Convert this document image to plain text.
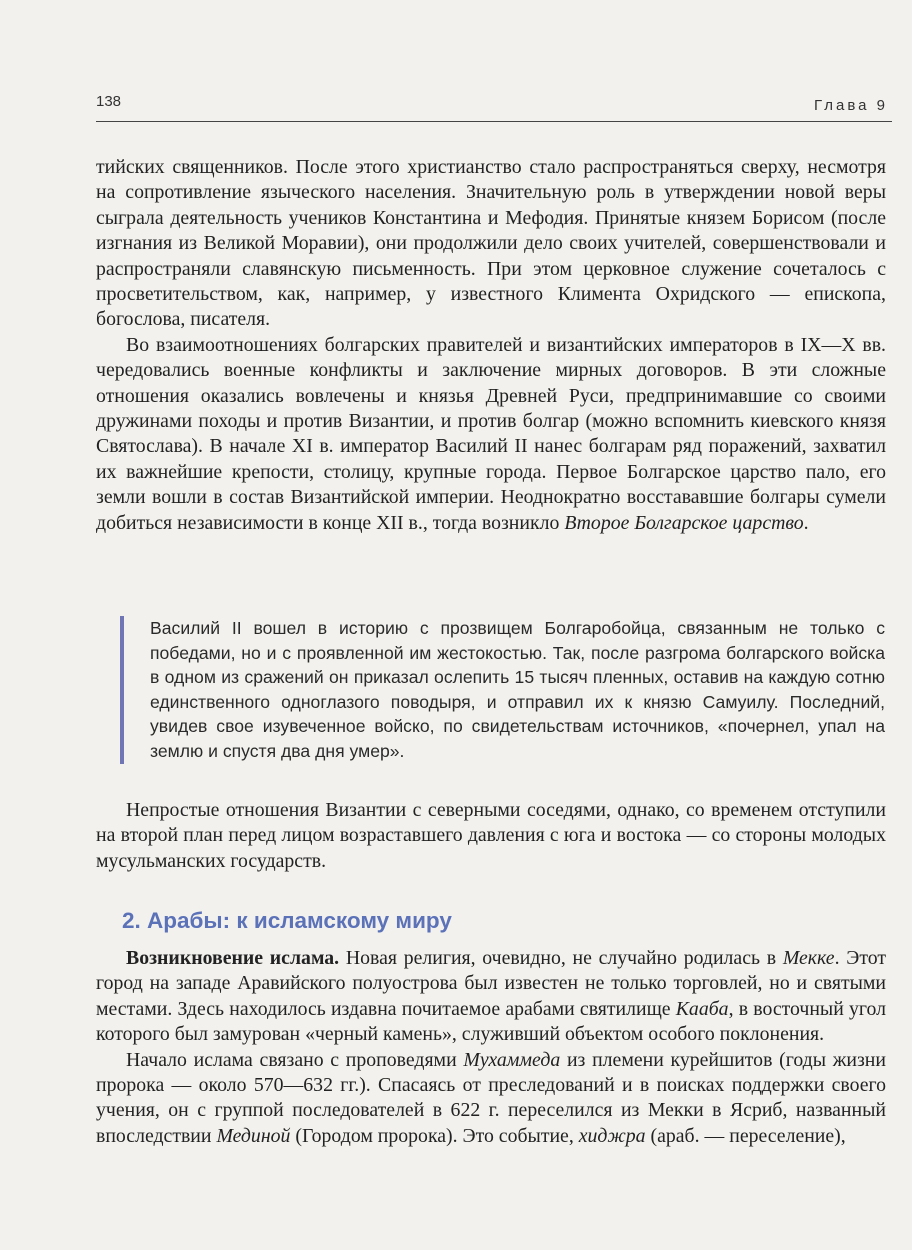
138	Глава 9

тийских священников. После этого христианство стало распространяться сверху, несмотря на сопротивление языческого населения. Значительную роль в утверждении новой веры сыграла деятельность учеников Константина и Мефодия. Принятые князем Борисом (после изгнания из Великой Моравии), они продолжили дело своих учителей, совершенствовали и распространяли славянскую письменность. При этом церковное служение сочеталось с просветительством, как, например, у известного Климента Охридского — епископа, богослова, писателя.

Во взаимоотношениях болгарских правителей и византийских императоров в IX—X вв. чередовались военные конфликты и заключение мирных договоров. В эти сложные отношения оказались вовлечены и князья Древней Руси, предпринимавшие со своими дружинами походы и против Византии, и против болгар (можно вспомнить киевского князя Святослава). В начале XI в. император Василий II нанес болгарам ряд поражений, захватил их важнейшие крепости, столицу, крупные города. Первое Болгарское царство пало, его земли вошли в состав Византийской империи. Неоднократно восстававшие болгары сумели добиться независимости в конце XII в., тогда возникло Второе Болгарское царство.

Василий II вошел в историю с прозвищем Болгаробойца, связанным не только с победами, но и с проявленной им жестокостью. Так, после разгрома болгарского войска в одном из сражений он приказал ослепить 15 тысяч пленных, оставив на каждую сотню единственного одноглазого поводыря, и отправил их к князю Самуилу. Последний, увидев свое изувеченное войско, по свидетельствам источников, «почернел, упал на землю и спустя два дня умер».

Непростые отношения Византии с северными соседями, однако, со временем отступили на второй план перед лицом возраставшего давления с юга и востока — со стороны молодых мусульманских государств.

2. Арабы: к исламскому миру

Возникновение ислама. Новая религия, очевидно, не случайно родилась в Мекке. Этот город на западе Аравийского полуострова был известен не только торговлей, но и святыми местами. Здесь находилось издавна почитаемое арабами святилище Кааба, в восточный угол которого был замурован «черный камень», служивший объектом особого поклонения.

Начало ислама связано с проповедями Мухаммеда из племени курейшитов (годы жизни пророка — около 570—632 гг.). Спасаясь от преследований и в поисках поддержки своего учения, он с группой последователей в 622 г. переселился из Мекки в Ясриб, названный впоследствии Мединой (Городом пророка). Это событие, хиджра (араб. — переселение),
